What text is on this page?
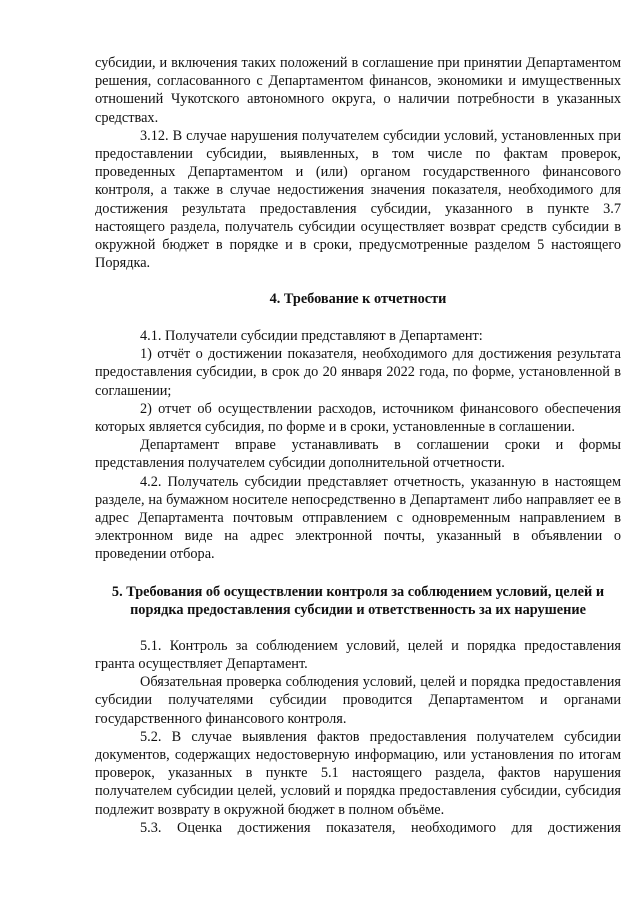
субсидии, и включения таких положений в соглашение при принятии Департаментом решения, согласованного с Департаментом финансов, экономики и имущественных отношений Чукотского автономного округа, о наличии потребности в указанных средствах.

3.12. В случае нарушения получателем субсидии условий, установленных при предоставлении субсидии, выявленных, в том числе по фактам проверок, проведенных Департаментом и (или) органом государственного финансового контроля, а также в случае недостижения значения показателя, необходимого для достижения результата предоставления субсидии, указанного в пункте 3.7 настоящего раздела, получатель субсидии осуществляет возврат средств субсидии в окружной бюджет в порядке и в сроки, предусмотренные разделом 5 настоящего Порядка.

4. Требование к отчетности

4.1. Получатели субсидии представляют в Департамент:

1) отчёт о достижении показателя, необходимого для достижения результата предоставления субсидии, в срок до 20 января 2022 года, по форме, установленной в соглашении;

2) отчет об осуществлении расходов, источником финансового обеспечения которых является субсидия, по форме и в сроки, установленные в соглашении.

Департамент вправе устанавливать в соглашении сроки и формы представления получателем субсидии дополнительной отчетности.

4.2. Получатель субсидии представляет отчетность, указанную в настоящем разделе, на бумажном носителе непосредственно в Департамент либо направляет ее в адрес Департамента почтовым отправлением с одновременным направлением в электронном виде на адрес электронной почты, указанный в объявлении о проведении отбора.

5. Требования об осуществлении контроля за соблюдением условий, целей и порядка предоставления субсидии и ответственность за их нарушение

5.1. Контроль за соблюдением условий, целей и порядка предоставления гранта осуществляет Департамент.

Обязательная проверка соблюдения условий, целей и порядка предоставления субсидии получателями субсидии проводится Департаментом и органами государственного финансового контроля.

5.2. В случае выявления фактов предоставления получателем субсидии документов, содержащих недостоверную информацию, или установления по итогам проверок, указанных в пункте 5.1 настоящего раздела, фактов нарушения получателем субсидии целей, условий и порядка предоставления субсидии, субсидия подлежит возврату в окружной бюджет в полном объёме.

5.3. Оценка достижения показателя, необходимого для достижения
